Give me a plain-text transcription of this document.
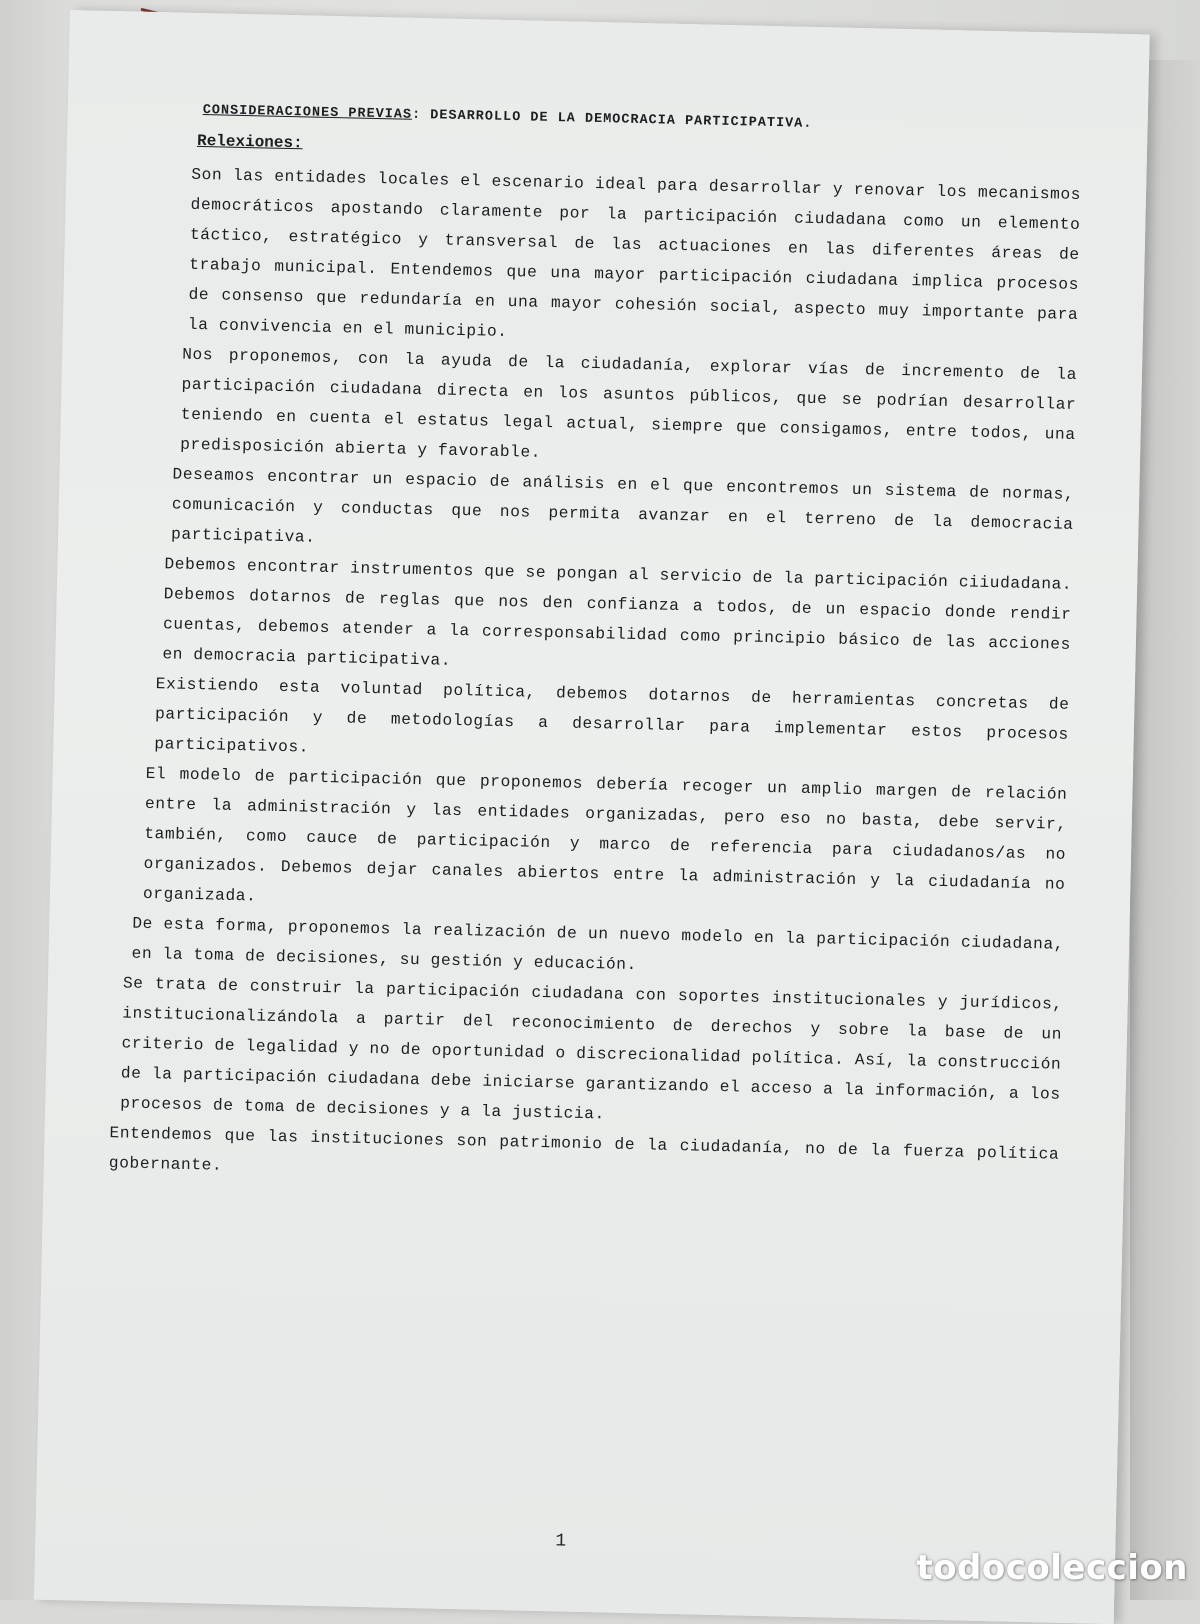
CONSIDERACIONES PREVIAS: DESARROLLO DE LA DEMOCRACIA PARTICIPATIVA.
Relexiones:

Son las entidades locales el escenario ideal para desarrollar y renovar los mecanismos democráticos apostando claramente por la participación ciudadana como un elemento táctico, estratégico y transversal de las actuaciones en las diferentes áreas de trabajo municipal. Entendemos que una mayor participación ciudadana implica procesos de consenso que redundaría en una mayor cohesión social, aspecto muy importante para la convivencia en el municipio.

Nos proponemos, con la ayuda de la ciudadanía, explorar vías de incremento de la participación ciudadana directa en los asuntos públicos, que se podrían desarrollar teniendo en cuenta el estatus legal actual, siempre que consigamos, entre todos, una predisposición abierta y favorable.

Deseamos encontrar un espacio de análisis en el que encontremos un sistema de normas, comunicación y conductas que nos permita avanzar en el terreno de la democracia participativa.

Debemos encontrar instrumentos que se pongan al servicio de la participación ciiudadana. Debemos dotarnos de reglas que nos den confianza a todos, de un espacio donde rendir cuentas, debemos atender a la corresponsabilidad como principio básico de las acciones en democracia participativa.

Existiendo esta voluntad política, debemos dotarnos de herramientas concretas de participación y de metodologías a desarrollar para implementar estos procesos participativos.

El modelo de participación que proponemos debería recoger un amplio margen de relación entre la administración y las entidades organizadas, pero eso no basta, debe servir, también, como cauce de participación y marco de referencia para ciudadanos/as no organizados. Debemos dejar canales abiertos entre la administración y la ciudadanía no organizada.

De esta forma, proponemos la realización de un nuevo modelo en la participación ciudadana, en la toma de decisiones, su gestión y educación.

Se trata de construir la participación ciudadana con soportes institucionales y jurídicos, institucionalizándola a partir del reconocimiento de derechos y sobre la base de un criterio de legalidad y no de oportunidad o discrecionalidad política. Así, la construcción de la participación ciudadana debe iniciarse garantizando el acceso a la información, a los procesos de toma de decisiones y a la justicia.

Entendemos que las instituciones son patrimonio de la ciudadanía, no de la fuerza política gobernante.

1
todocoleccion
